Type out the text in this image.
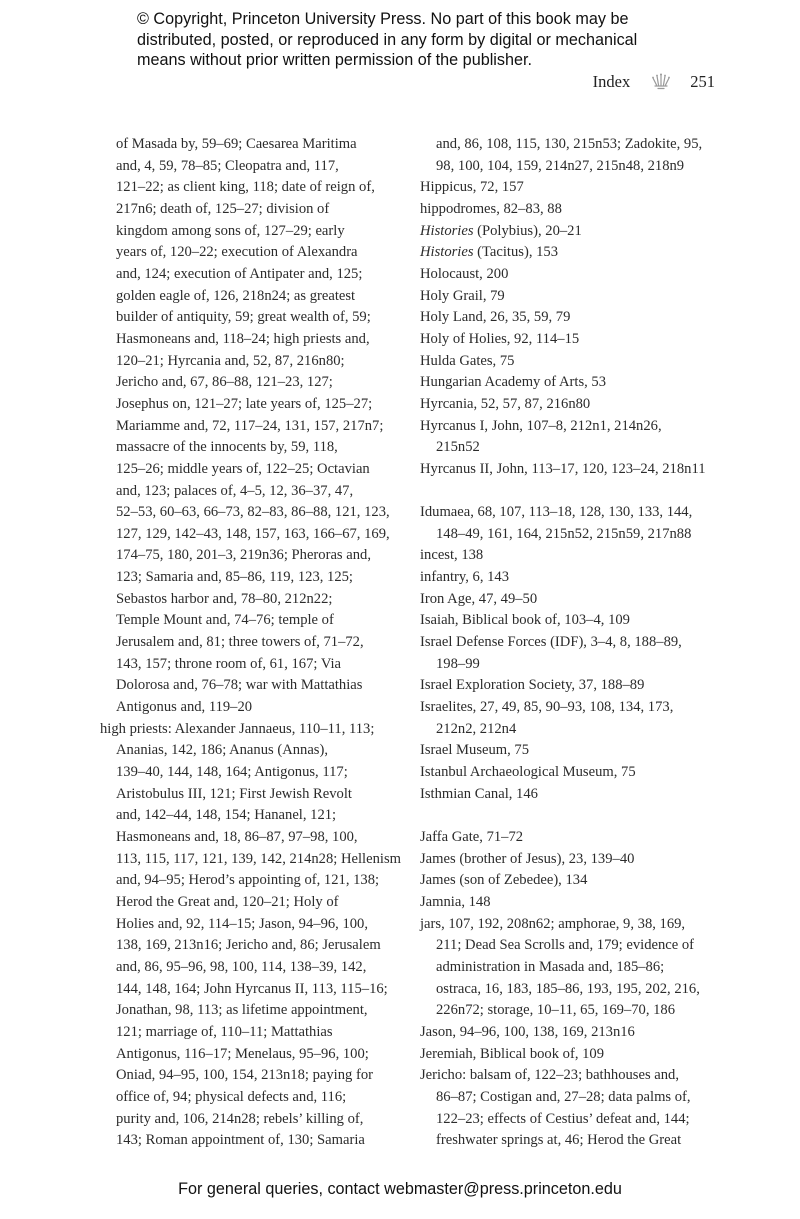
© Copyright, Princeton University Press. No part of this book may be
distributed, posted, or reproduced in any form by digital or mechanical
means without prior written permission of the publisher.
Index	251
of Masada by, 59–69; Caesarea Maritima
and, 4, 59, 78–85; Cleopatra and, 117,
121–22; as client king, 118; date of reign of,
217n6; death of, 125–27; division of
kingdom among sons of, 127–29; early
years of, 120–22; execution of Alexandra
and, 124; execution of Antipater and, 125;
golden eagle of, 126, 218n24; as greatest
builder of antiquity, 59; great wealth of, 59;
Hasmoneans and, 118–24; high priests and,
120–21; Hyrcania and, 52, 87, 216n80;
Jericho and, 67, 86–88, 121–23, 127;
Josephus on, 121–27; late years of, 125–27;
Mariamme and, 72, 117–24, 131, 157, 217n7;
massacre of the innocents by, 59, 118,
125–26; middle years of, 122–25; Octavian
and, 123; palaces of, 4–5, 12, 36–37, 47,
52–53, 60–63, 66–73, 82–83, 86–88, 121, 123,
127, 129, 142–43, 148, 157, 163, 166–67, 169,
174–75, 180, 201–3, 219n36; Pheroras and,
123; Samaria and, 85–86, 119, 123, 125;
Sebastos harbor and, 78–80, 212n22;
Temple Mount and, 74–76; temple of
Jerusalem and, 81; three towers of, 71–72,
143, 157; throne room of, 61, 167; Via
Dolorosa and, 76–78; war with Mattathias
Antigonus and, 119–20
high priests: Alexander Jannaeus, 110–11, 113;
Ananias, 142, 186; Ananus (Annas),
139–40, 144, 148, 164; Antigonus, 117;
Aristobulus III, 121; First Jewish Revolt
and, 142–44, 148, 154; Hananel, 121;
Hasmoneans and, 18, 86–87, 97–98, 100,
113, 115, 117, 121, 139, 142, 214n28; Hellenism
and, 94–95; Herod’s appointing of, 121, 138;
Herod the Great and, 120–21; Holy of
Holies and, 92, 114–15; Jason, 94–96, 100,
138, 169, 213n16; Jericho and, 86; Jerusalem
and, 86, 95–96, 98, 100, 114, 138–39, 142,
144, 148, 164; John Hyrcanus II, 113, 115–16;
Jonathan, 98, 113; as lifetime appointment,
121; marriage of, 110–11; Mattathias
Antigonus, 116–17; Menelaus, 95–96, 100;
Oniad, 94–95, 100, 154, 213n18; paying for
office of, 94; physical defects and, 116;
purity and, 106, 214n28; rebels’ killing of,
143; Roman appointment of, 130; Samaria
and, 86, 108, 115, 130, 215n53; Zadokite, 95,
98, 100, 104, 159, 214n27, 215n48, 218n9
Hippicus, 72, 157
hippodromes, 82–83, 88
Histories (Polybius), 20–21
Histories (Tacitus), 153
Holocaust, 200
Holy Grail, 79
Holy Land, 26, 35, 59, 79
Holy of Holies, 92, 114–15
Hulda Gates, 75
Hungarian Academy of Arts, 53
Hyrcania, 52, 57, 87, 216n80
Hyrcanus I, John, 107–8, 212n1, 214n26,
215n52
Hyrcanus II, John, 113–17, 120, 123–24, 218n11
Idumaea, 68, 107, 113–18, 128, 130, 133, 144,
148–49, 161, 164, 215n52, 215n59, 217n88
incest, 138
infantry, 6, 143
Iron Age, 47, 49–50
Isaiah, Biblical book of, 103–4, 109
Israel Defense Forces (IDF), 3–4, 8, 188–89,
198–99
Israel Exploration Society, 37, 188–89
Israelites, 27, 49, 85, 90–93, 108, 134, 173,
212n2, 212n4
Israel Museum, 75
Istanbul Archaeological Museum, 75
Isthmian Canal, 146
Jaffa Gate, 71–72
James (brother of Jesus), 23, 139–40
James (son of Zebedee), 134
Jamnia, 148
jars, 107, 192, 208n62; amphorae, 9, 38, 169,
211; Dead Sea Scrolls and, 179; evidence of
administration in Masada and, 185–86;
ostraca, 16, 183, 185–86, 193, 195, 202, 216,
226n72; storage, 10–11, 65, 169–70, 186
Jason, 94–96, 100, 138, 169, 213n16
Jeremiah, Biblical book of, 109
Jericho: balsam of, 122–23; bathhouses and,
86–87; Costigan and, 27–28; data palms of,
122–23; effects of Cestius’ defeat and, 144;
freshwater springs at, 46; Herod the Great
For general queries, contact webmaster@press.princeton.edu
